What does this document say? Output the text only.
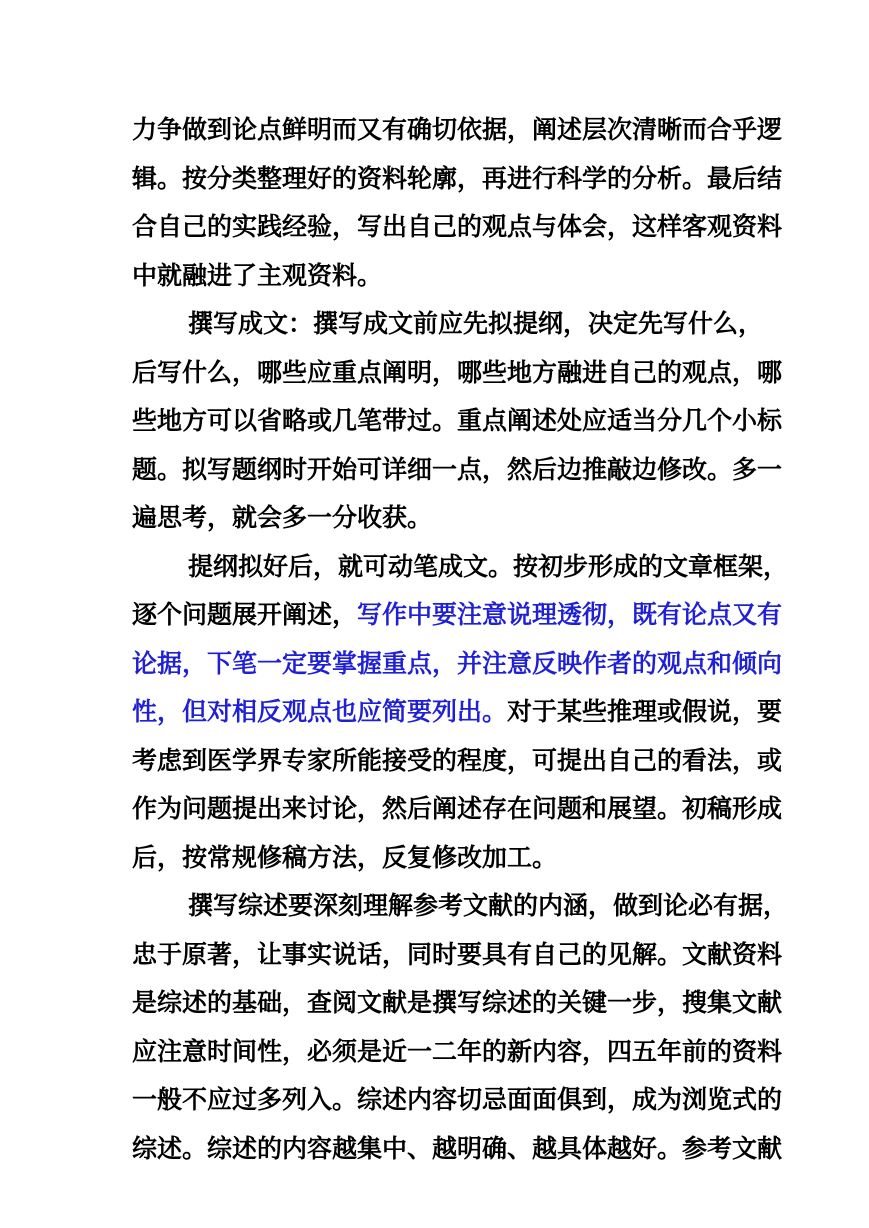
力争做到论点鲜明而又有确切依据，阐述层次清晰而合乎逻
辑。按分类整理好的资料轮廓，再进行科学的分析。最后结
合自己的实践经验，写出自己的观点与体会，这样客观资料
中就融进了主观资料。
撰写成文：撰写成文前应先拟提纲，决定先写什么，
后写什么，哪些应重点阐明，哪些地方融进自己的观点，哪
些地方可以省略或几笔带过。重点阐述处应适当分几个小标
题。拟写题纲时开始可详细一点，然后边推敲边修改。多一
遍思考，就会多一分收获。
提纲拟好后，就可动笔成文。按初步形成的文章框架，
逐个问题展开阐述，写作中要注意说理透彻，既有论点又有
论据，下笔一定要掌握重点，并注意反映作者的观点和倾向
性，但对相反观点也应简要列出。对于某些推理或假说，要
考虑到医学界专家所能接受的程度，可提出自己的看法，或
作为问题提出来讨论，然后阐述存在问题和展望。初稿形成
后，按常规修稿方法，反复修改加工。
撰写综述要深刻理解参考文献的内涵，做到论必有据，
忠于原著，让事实说话，同时要具有自己的见解。文献资料
是综述的基础，查阅文献是撰写综述的关键一步，搜集文献
应注意时间性，必须是近一二年的新内容，四五年前的资料
一般不应过多列入。综述内容切忌面面俱到，成为浏览式的
综述。综述的内容越集中、越明确、越具体越好。参考文献
